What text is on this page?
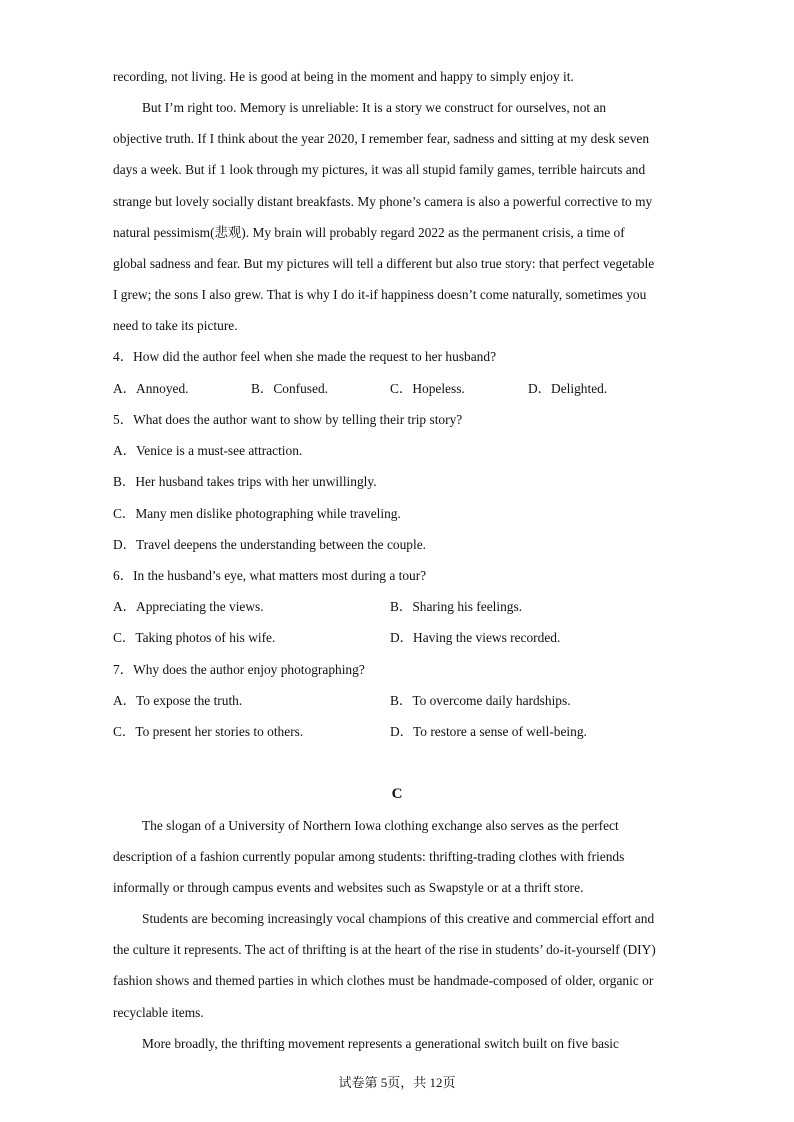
recording, not living. He is good at being in the moment and happy to simply enjoy it.
But I’m right too. Memory is unreliable: It is a story we construct for ourselves, not an
objective truth. If I think about the year 2020, I remember fear, sadness and sitting at my desk seven
days a week. But if 1 look through my pictures, it was all stupid family games, terrible haircuts and
strange but lovely socially distant breakfasts. My phone’s camera is also a powerful corrective to my
natural pessimism(悲观). My brain will probably regard 2022 as the permanent crisis, a time of
global sadness and fear. But my pictures will tell a different but also true story: that perfect vegetable
I grew; the sons I also grew. That is why I do it-if happiness doesn’t come naturally, sometimes you
need to take its picture.
4．How did the author feel when she made the request to her husband?
A．Annoyed.	B．Confused.	C．Hopeless.	D．Delighted.
5．What does the author want to show by telling their trip story?
A．Venice is a must-see attraction.
B．Her husband takes trips with her unwillingly.
C．Many men dislike photographing while traveling.
D．Travel deepens the understanding between the couple.
6．In the husband’s eye, what matters most during a tour?
A．Appreciating the views.	B．Sharing his feelings.
C．Taking photos of his wife.	D．Having the views recorded.
7．Why does the author enjoy photographing?
A．To expose the truth.	B．To overcome daily hardships.
C．To present her stories to others.	D．To restore a sense of well-being.
C
The slogan of a University of Northern Iowa clothing exchange also serves as the perfect
description of a fashion currently popular among students: thrifting-trading clothes with friends
informally or through campus events and websites such as Swapstyle or at a thrift store.
Students are becoming increasingly vocal champions of this creative and commercial effort and
the culture it represents. The act of thrifting is at the heart of the rise in students’ do-it-yourself (DIY)
fashion shows and themed parties in which clothes must be handmade-composed of older, organic or
recyclable items.
More broadly, the thrifting movement represents a generational switch built on five basic
试卷第 5页，共 12页
